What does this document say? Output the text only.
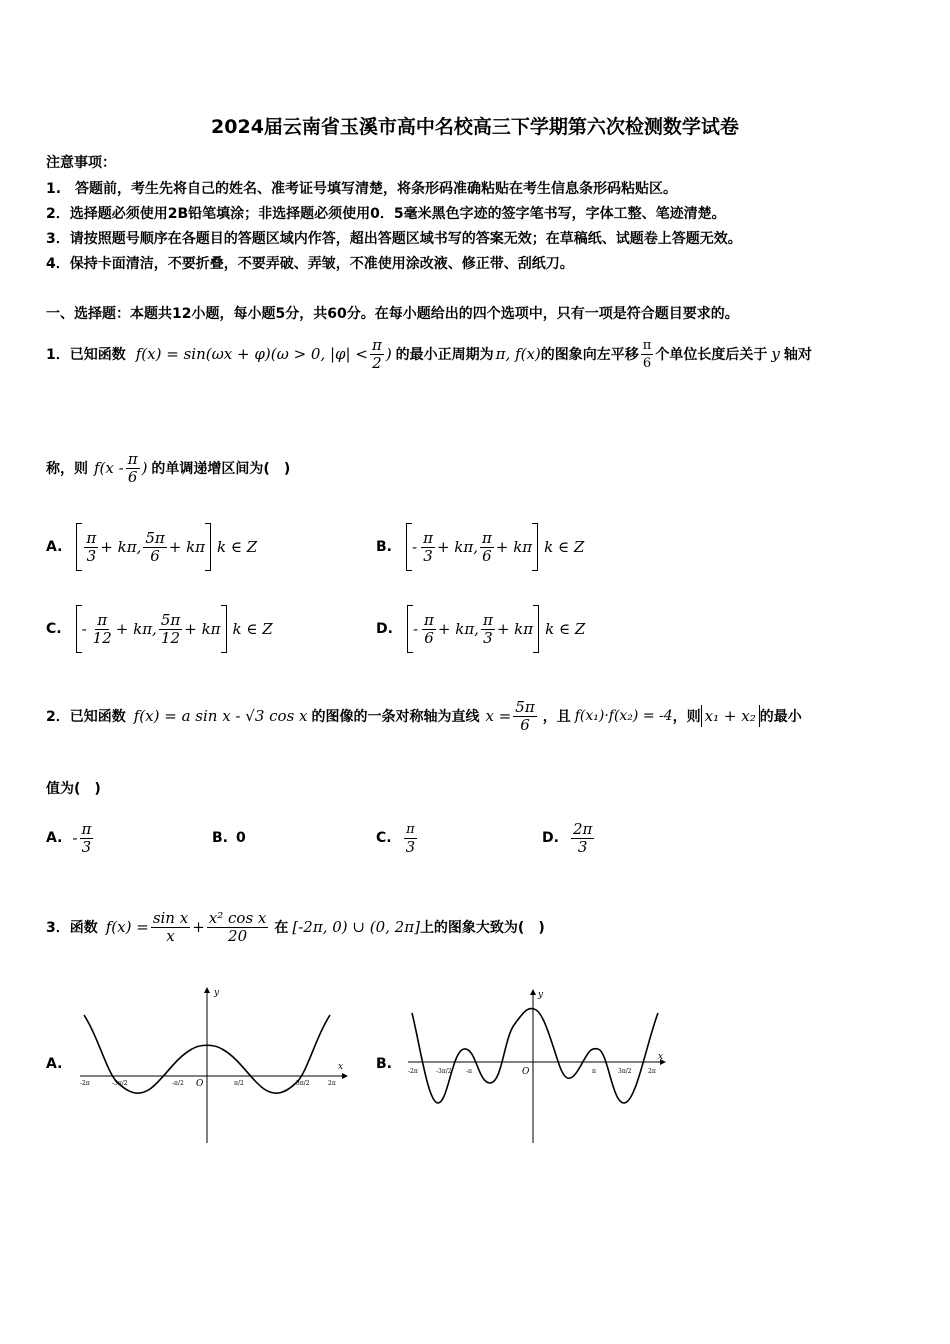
2024届云南省玉溪市高中名校高三下学期第六次检测数学试卷
注意事项：
1.　答题前，考生先将自己的姓名、准考证号填写清楚，将条形码准确粘贴在考生信息条形码粘贴区。
2．选择题必须使用2B铅笔填涂；非选择题必须使用0．5毫米黑色字迹的签字笔书写，字体工整、笔迹清楚。
3．请按照题号顺序在各题目的答题区域内作答，超出答题区域书写的答案无效；在草稿纸、试题卷上答题无效。
4．保持卡面清洁，不要折叠，不要弄破、弄皱，不准使用涂改液、修正带、刮纸刀。
一、选择题：本题共12小题，每小题5分，共60分。在每小题给出的四个选项中，只有一项是符合题目要求的。
1．已知函数 f(x) = sin(ωx + φ)(ω > 0, $|\varphi| < \frac{\pi}{2}$ ) 的最小正周期为 π, f(x) 的图象向左平移 $\frac{\pi}{6}$ 个单位长度后关于 y 轴对
称，则 $f(x - \frac{\pi}{6}$ ) 的单调递增区间为(　)
A. $\frac{\pi}{3} + k\pi$, $\frac{5\pi}{6} + k\pi$ k ∈ Z	B. - $\frac{\pi}{3} + k\pi$, $\frac{\pi}{6} + k\pi$ k ∈ Z
C. - $\frac{\pi}{12} + k\pi$, $\frac{5\pi}{12} + k\pi$ k ∈ Z	D. - $\frac{\pi}{6} + k\pi$, $\frac{\pi}{3} + k\pi$ k ∈ Z
2．已知函数 f(x) = a sin x - √3 cos x 的图像的一条对称轴为直线 $x = \frac{5\pi}{6}$ ，且 f(x₁)·f(x₂) = -4 ，则 x₁ + x₂ 的最小
值为(　)
A. - $\frac{\pi}{3}$	B. 0	C. $\frac{\pi}{3}$	D. $\frac{2\pi}{3}$
3．函数 $f(x) = \frac{\text{sin x}}{x} + \frac{\text{x² cos x}}{20}$ 在 [-2π, 0) ∪ (0, 2π] 上的图象大致为(　)
A.
y
x
-2π	-3π/2	-π/2 O	π/2	3π/2	2π
B.
y
x
-2π	-3π/2 -π	O	π	3π/2	2π
